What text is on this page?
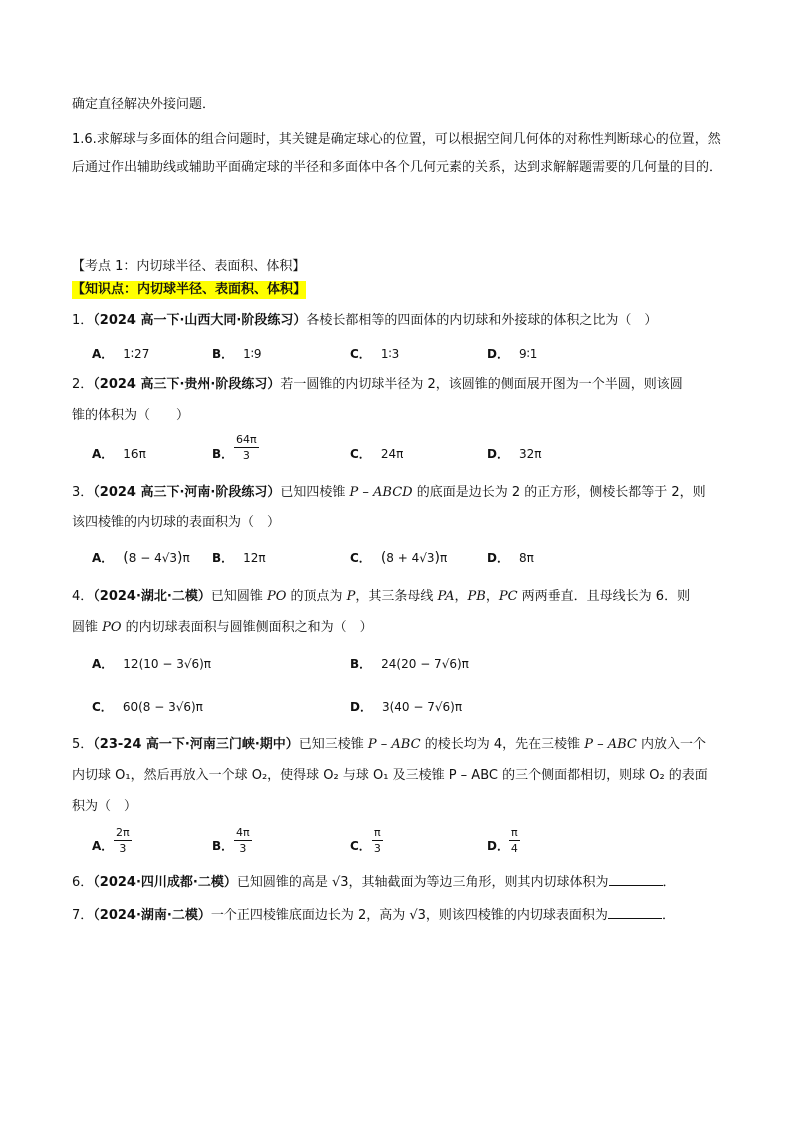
确定直径解决外接问题．
1.6.求解球与多面体的组合问题时，其关键是确定球心的位置，可以根据空间几何体的对称性判断球心的位置，然后通过作出辅助线或辅助平面确定球的半径和多面体中各个几何元素的关系，达到求解解题需要的几何量的目的．
【考点 1：内切球半径、表面积、体积】
【知识点：内切球半径、表面积、体积】
1．（2024 高一下·山西大同·阶段练习）各棱长都相等的四面体的内切球和外接球的体积之比为（　）
A． 1∶27	B． 1∶9	C． 1∶3	D． 9∶1
2．（2024 高三下·贵州·阶段练习）若一圆锥的内切球半径为 2，该圆锥的侧面展开图为一个半圆，则该圆
锥的体积为（　　）
A． 16π	B．
64π
3	C． 24π	D． 32π
3．（2024 高三下·河南·阶段练习）已知四棱锥 P – ABCD 的底面是边长为 2 的正方形，侧棱长都等于 2，则
该四棱锥的内切球的表面积为（　）
A． (8 − 4√3)π B． 12π	C． (8 + 4√3)π	D． 8π
4．（2024·湖北·二模）已知圆锥 PO 的顶点为 P，其三条母线 PA，PB，PC 两两垂直．且母线长为 6．则
圆锥 PO 的内切球表面积与圆锥侧面积之和为（　）
A． 12(10 − 3√6)π	B． 24(20 − 7√6)π
C． 60(8 − 3√6)π	D． 3(40 − 7√6)π
5．（23-24 高一下·河南三门峡·期中）已知三棱锥 P – ABC 的棱长均为 4，先在三棱锥 P – ABC 内放入一个
内切球 O₁，然后再放入一个球 O₂，使得球 O₂ 与球 O₁ 及三棱锥 P – ABC 的三个侧面都相切，则球 O₂ 的表面
积为（　）
A．
2π
3	B．
4π
3	C．
π
3	D．
π
4
6．（2024·四川成都·二模）已知圆锥的高是 √3，其轴截面为等边三角形，则其内切球体积为	．
7．（2024·湖南·二模）一个正四棱锥底面边长为 2，高为 √3，则该四棱锥的内切球表面积为	．
